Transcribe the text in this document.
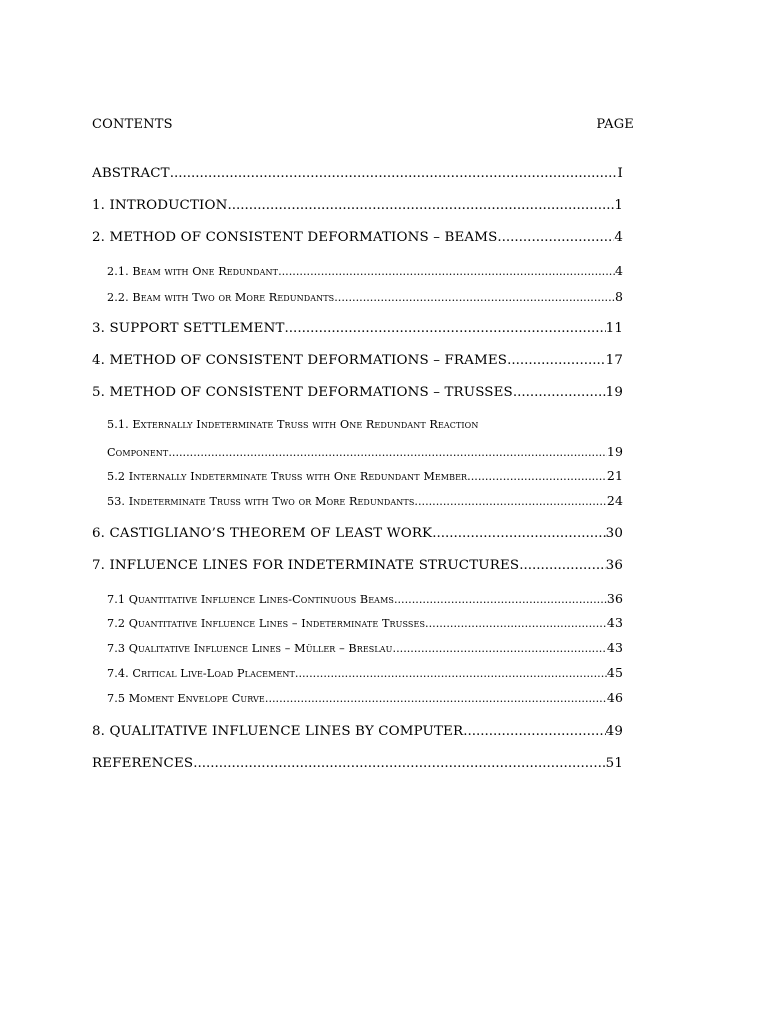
CONTENTS	PAGE
ABSTRACT .....	I
1. INTRODUCTION .....	1
2. METHOD OF CONSISTENT DEFORMATIONS – BEAMS .....	4
2.1. Beam with One Redundant .....	4
2.2. Beam with Two or More Redundants .....	8
3. SUPPORT SETTLEMENT .....	11
4. METHOD OF CONSISTENT DEFORMATIONS – FRAMES .....	17
5. METHOD OF CONSİSTENT DEFORMATIONS – TRUSSES .....	19
5.1. Externally Indeterminate Truss with One Redundant Reaction
Component .....	19
5.2 Internally Indeterminate Truss with One Redundant Member .....	21
53. Indeterminate Truss with Two or More Redundants .....	24
6. CASTIGLIANO’S THEOREM OF LEAST WORK .....	30
7. INFLUENCE LINES FOR INDETERMINATE STRUCTURES .....	36
7.1 Quantitative Influence Lines-Continuous Beams .....	36
7.2 Quantitative Influence Lines – Indeterminate Trusses .....	43
7.3 Qualitative Influence Lines – Müller – Breslau .....	43
7.4. Critical Live-Load Placement .....	45
7.5 Moment Envelope Curve .....	46
8. QUALITATIVE INFLUENCE LINES BY COMPUTER .....	49
REFERENCES .....	51
